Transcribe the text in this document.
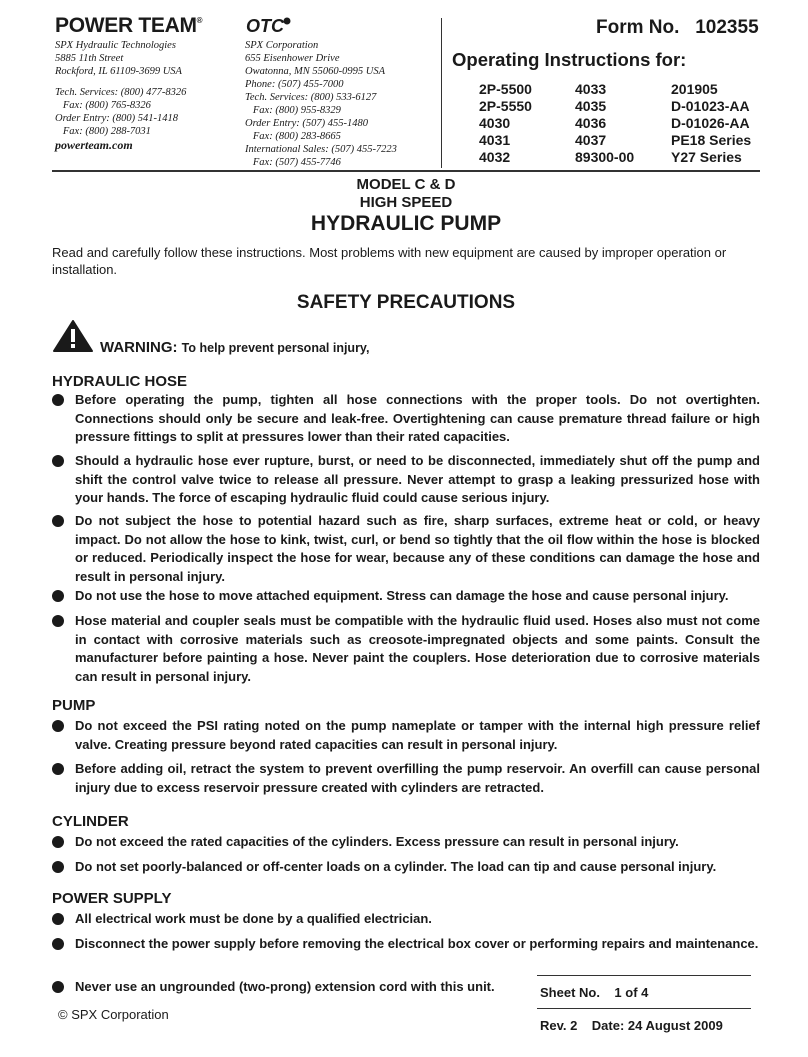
POWER TEAM®
SPX Hydraulic Technologies
5885 11th Street
Rockford, IL 61109-3699 USA
Tech. Services: (800) 477-8326
Fax: (800) 765-8326
Order Entry: (800) 541-1418
Fax: (800) 288-7031
powerteam.com
OTC
SPX Corporation
655 Eisenhower Drive
Owatonna, MN 55060-0995 USA
Phone: (507) 455-7000
Tech. Services: (800) 533-6127
Fax: (800) 955-8329
Order Entry: (507) 455-1480
Fax: (800) 283-8665
International Sales: (507) 455-7223
Fax: (507) 455-7746
Form No. 102355
Operating Instructions for:
2P-5500
2P-5550
4030
4031
4032
4033
4035
4036
4037
89300-00
201905
D-01023-AA
D-01026-AA
PE18 Series
Y27 Series
MODEL C & D
HIGH SPEED
HYDRAULIC PUMP
Read and carefully follow these instructions. Most problems with new equipment are caused by improper operation or installation.
SAFETY PRECAUTIONS
WARNING: To help prevent personal injury,
HYDRAULIC HOSE
Before operating the pump, tighten all hose connections with the proper tools. Do not overtighten. Connections should only be secure and leak-free. Overtightening can cause premature thread failure or high pressure fittings to split at pressures lower than their rated capacities.
Should a hydraulic hose ever rupture, burst, or need to be disconnected, immediately shut off the pump and shift the control valve twice to release all pressure. Never attempt to grasp a leaking pressurized hose with your hands. The force of escaping hydraulic fluid could cause serious injury.
Do not subject the hose to potential hazard such as fire, sharp surfaces, extreme heat or cold, or heavy impact. Do not allow the hose to kink, twist, curl, or bend so tightly that the oil flow within the hose is blocked or reduced. Periodically inspect the hose for wear, because any of these conditions can damage the hose and result in personal injury.
Do not use the hose to move attached equipment. Stress can damage the hose and cause personal injury.
Hose material and coupler seals must be compatible with the hydraulic fluid used. Hoses also must not come in contact with corrosive materials such as creosote-impregnated objects and some paints. Consult the manufacturer before painting a hose. Never paint the couplers. Hose deterioration due to corrosive materials can result in personal injury.
PUMP
Do not exceed the PSI rating noted on the pump nameplate or tamper with the internal high pressure relief valve. Creating pressure beyond rated capacities can result in personal injury.
Before adding oil, retract the system to prevent overfilling the pump reservoir. An overfill can cause personal injury due to excess reservoir pressure created with cylinders are retracted.
CYLINDER
Do not exceed the rated capacities of the cylinders. Excess pressure can result in personal injury.
Do not set poorly-balanced or off-center loads on a cylinder. The load can tip and cause personal injury.
POWER SUPPLY
All electrical work must be done by a qualified electrician.
Disconnect the power supply before removing the electrical box cover or performing repairs and maintenance.
Never use an ungrounded (two-prong) extension cord with this unit.	Sheet No. 1 of 4
Rev. 2 Date: 24 August 2009
© SPX Corporation
